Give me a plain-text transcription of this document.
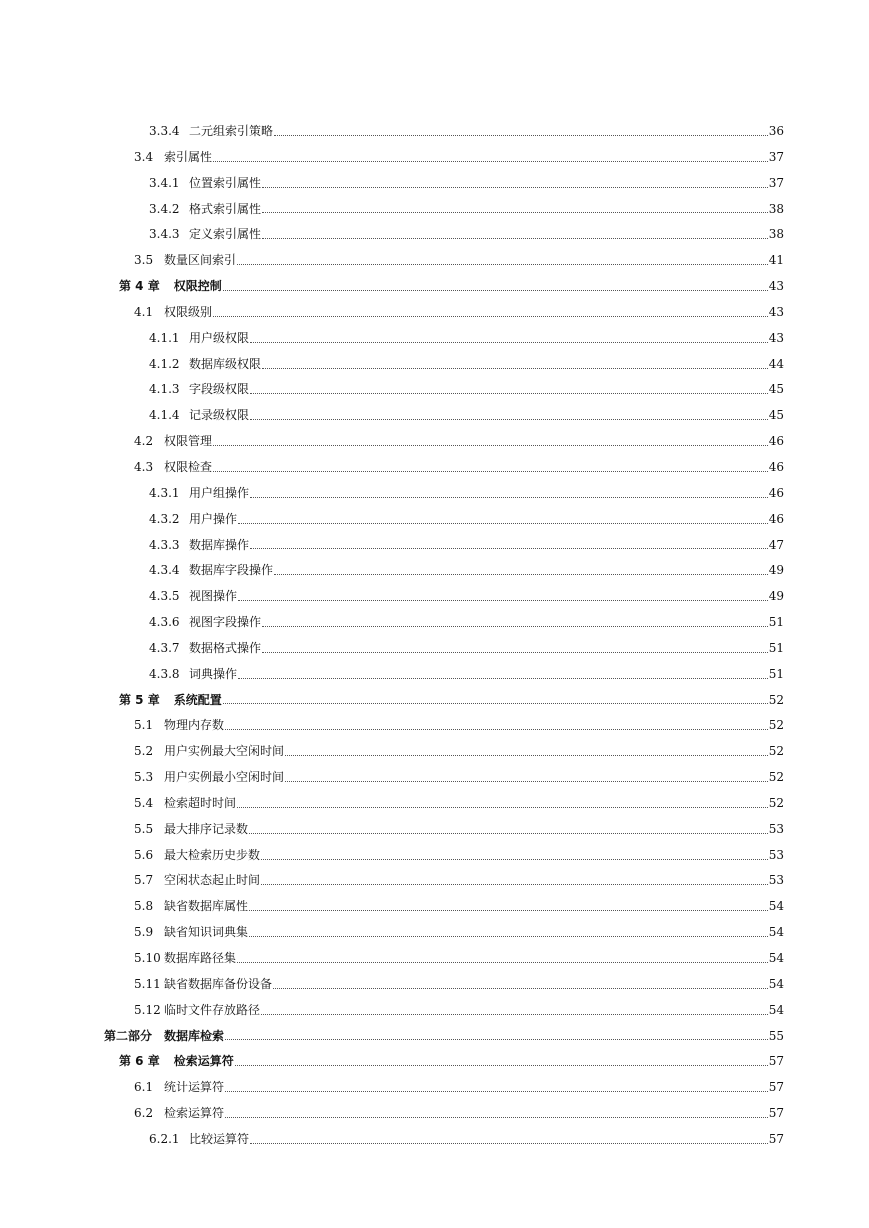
3.3.4 二元组索引策略	36
3.4 索引属性	37
3.4.1 位置索引属性	37
3.4.2 格式索引属性	38
3.4.3 定义索引属性	38
3.5 数量区间索引	41
第 4 章 权限控制	43
4.1 权限级别	43
4.1.1 用户级权限	43
4.1.2 数据库级权限	44
4.1.3 字段级权限	45
4.1.4 记录级权限	45
4.2 权限管理	46
4.3 权限检查	46
4.3.1 用户组操作	46
4.3.2 用户操作	46
4.3.3 数据库操作	47
4.3.4 数据库字段操作	49
4.3.5 视图操作	49
4.3.6 视图字段操作	51
4.3.7 数据格式操作	51
4.3.8 词典操作	51
第 5 章 系统配置	52
5.1 物理内存数	52
5.2 用户实例最大空闲时间	52
5.3 用户实例最小空闲时间	52
5.4 检索超时时间	52
5.5 最大排序记录数	53
5.6 最大检索历史步数	53
5.7 空闲状态起止时间	53
5.8 缺省数据库属性	54
5.9 缺省知识词典集	54
5.10 数据库路径集	54
5.11 缺省数据库备份设备	54
5.12 临时文件存放路径	54
第二部分 数据库检索	55
第 6 章 检索运算符	57
6.1 统计运算符	57
6.2 检索运算符	57
6.2.1 比较运算符	57
